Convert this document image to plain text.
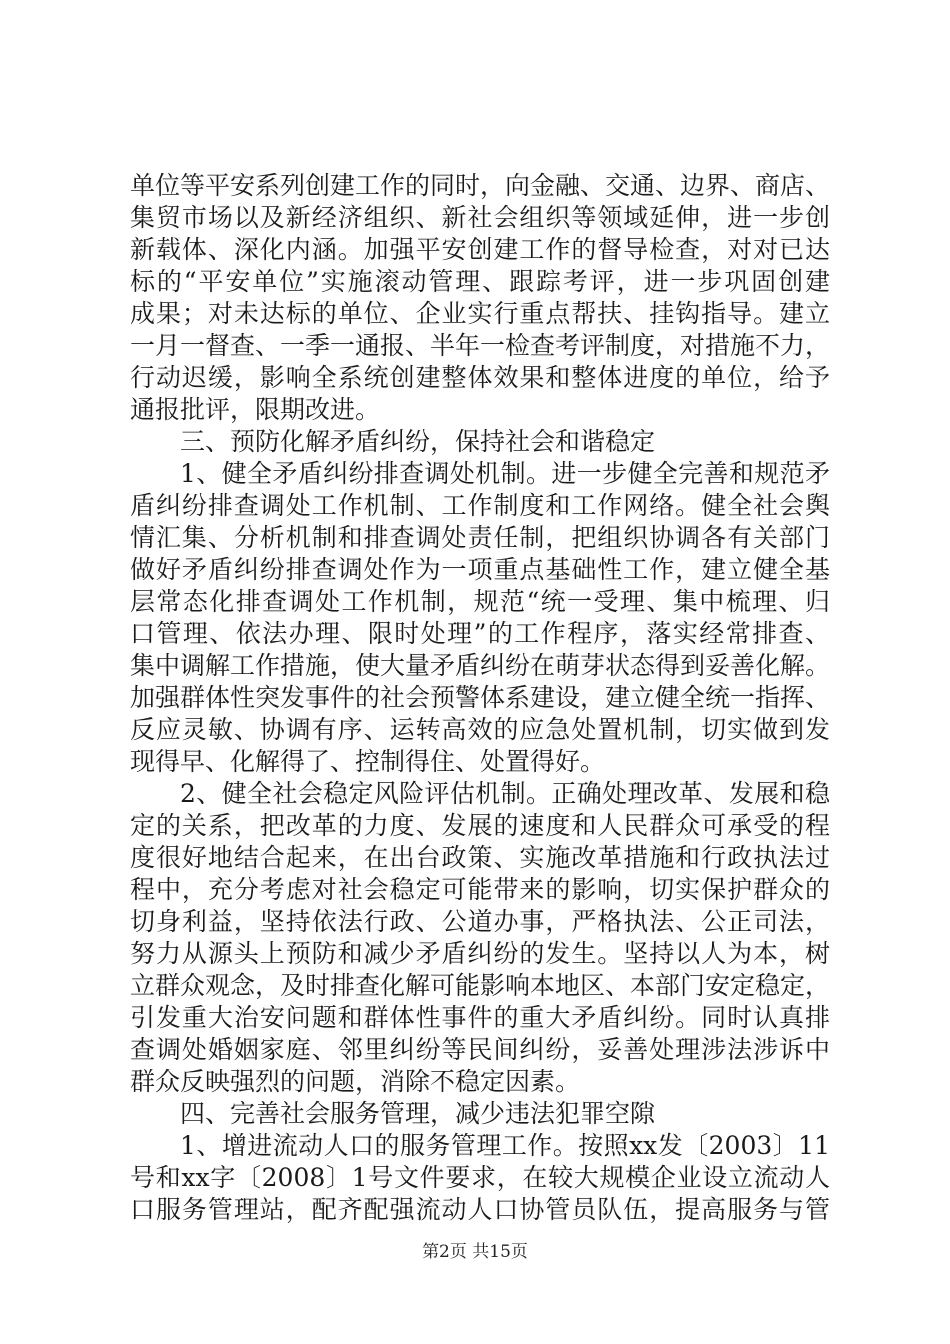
单位等平安系列创建工作的同时，向金融、交通、边界、商店、
集贸市场以及新经济组织、新社会组织等领域延伸，进一步创
新载体、深化内涵。加强平安创建工作的督导检查，对对已达
标的“平安单位”实施滚动管理、跟踪考评，进一步巩固创建
成果；对未达标的单位、企业实行重点帮扶、挂钩指导。建立
一月一督查、一季一通报、半年一检查考评制度，对措施不力，
行动迟缓，影响全系统创建整体效果和整体进度的单位，给予
通报批评，限期改进。
三、预防化解矛盾纠纷，保持社会和谐稳定
1、健全矛盾纠纷排查调处机制。进一步健全完善和规范矛
盾纠纷排查调处工作机制、工作制度和工作网络。健全社会舆
情汇集、分析机制和排查调处责任制，把组织协调各有关部门
做好矛盾纠纷排查调处作为一项重点基础性工作，建立健全基
层常态化排查调处工作机制，规范“统一受理、集中梳理、归
口管理、依法办理、限时处理”的工作程序，落实经常排查、
集中调解工作措施，使大量矛盾纠纷在萌芽状态得到妥善化解。
加强群体性突发事件的社会预警体系建设，建立健全统一指挥、
反应灵敏、协调有序、运转高效的应急处置机制，切实做到发
现得早、化解得了、控制得住、处置得好。
2、健全社会稳定风险评估机制。正确处理改革、发展和稳
定的关系，把改革的力度、发展的速度和人民群众可承受的程
度很好地结合起来，在出台政策、实施改革措施和行政执法过
程中，充分考虑对社会稳定可能带来的影响，切实保护群众的
切身利益，坚持依法行政、公道办事，严格执法、公正司法，
努力从源头上预防和减少矛盾纠纷的发生。坚持以人为本，树
立群众观念，及时排查化解可能影响本地区、本部门安定稳定，
引发重大治安问题和群体性事件的重大矛盾纠纷。同时认真排
查调处婚姻家庭、邻里纠纷等民间纠纷，妥善处理涉法涉诉中
群众反映强烈的问题，消除不稳定因素。
四、完善社会服务管理，减少违法犯罪空隙
1、增进流动人口的服务管理工作。按照xx发〔2003〕11
号和xx字〔2008〕1号文件要求，在较大规模企业设立流动人
口服务管理站，配齐配强流动人口协管员队伍，提高服务与管
第2页 共15页
